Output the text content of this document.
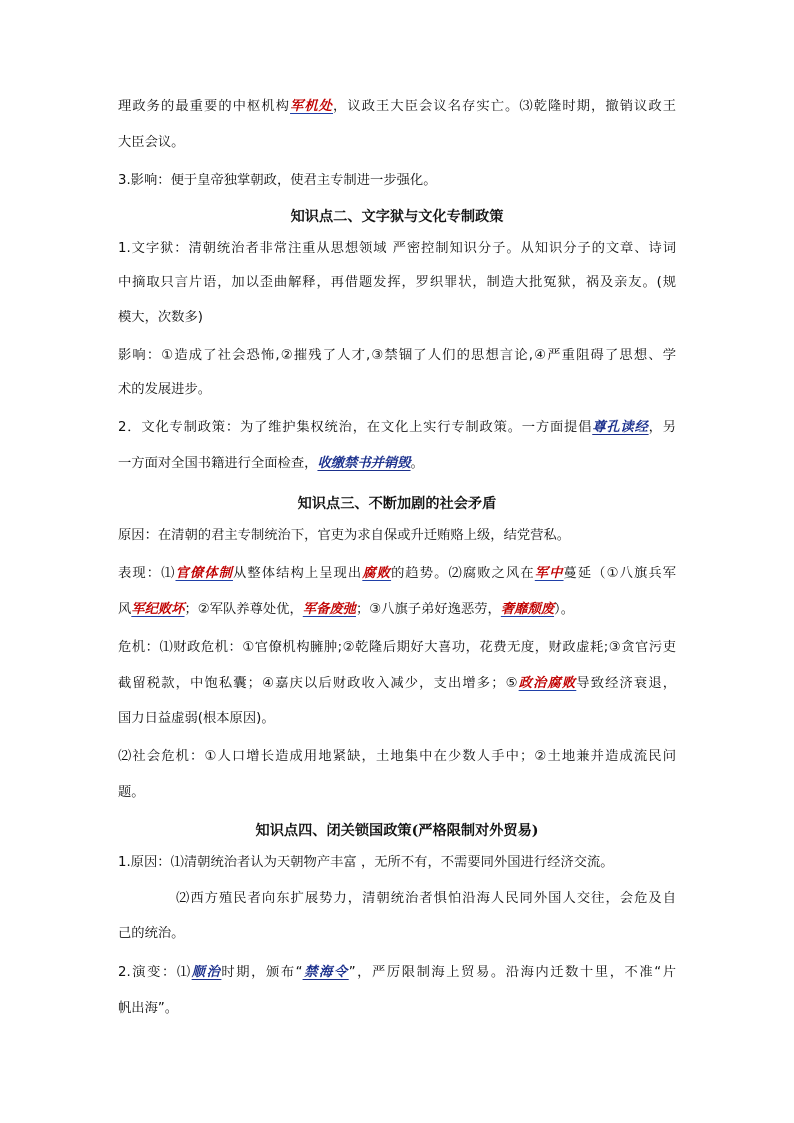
理政务的最重要的中枢机构军机处，议政王大臣会议名存实亡。⑶乾隆时期，撤销议政王
大臣会议。
3.影响：便于皇帝独掌朝政，使君主专制进一步强化。
知识点二、文字狱与文化专制政策
1.文字狱：清朝统治者非常注重从思想领域 严密控制知识分子。从知识分子的文章、诗词
中摘取只言片语，加以歪曲解释，再借题发挥，罗织罪状，制造大批冤狱，祸及亲友。(规
模大，次数多)
影响：①造成了社会恐怖,②摧残了人才,③禁锢了人们的思想言论,④严重阻碍了思想、学
术的发展进步。
2．文化专制政策：为了维护集权统治，在文化上实行专制政策。一方面提倡尊孔读经，另
一方面对全国书籍进行全面检查，收缴禁书并销毁。
知识点三、不断加剧的社会矛盾
原因：在清朝的君主专制统治下，官吏为求自保或升迁贿赂上级，结党营私。
表现：⑴官僚体制从整体结构上呈现出腐败的趋势。⑵腐败之风在军中蔓延（①八旗兵军
风军纪败坏；②军队养尊处优，军备废弛；③八旗子弟好逸恶劳，奢靡颓废）。
危机：⑴财政危机：①官僚机构臃肿;②乾隆后期好大喜功，花费无度，财政虚耗;③贪官污吏
截留税款，中饱私囊；④嘉庆以后财政收入减少，支出增多；⑤政治腐败导致经济衰退，
国力日益虚弱(根本原因)。
⑵社会危机：①人口增长造成用地紧缺，土地集中在少数人手中；②土地兼并造成流民问
题。
知识点四、闭关锁国政策(严格限制对外贸易)
1.原因：⑴清朝统治者认为天朝物产丰富 ，无所不有，不需要同外国进行经济交流。
⑵西方殖民者向东扩展势力，清朝统治者惧怕沿海人民同外国人交往，会危及自
己的统治。
2.演变：⑴顺治时期，颁布“禁海令”，严厉限制海上贸易。沿海内迁数十里，不准“片
帆出海”。
